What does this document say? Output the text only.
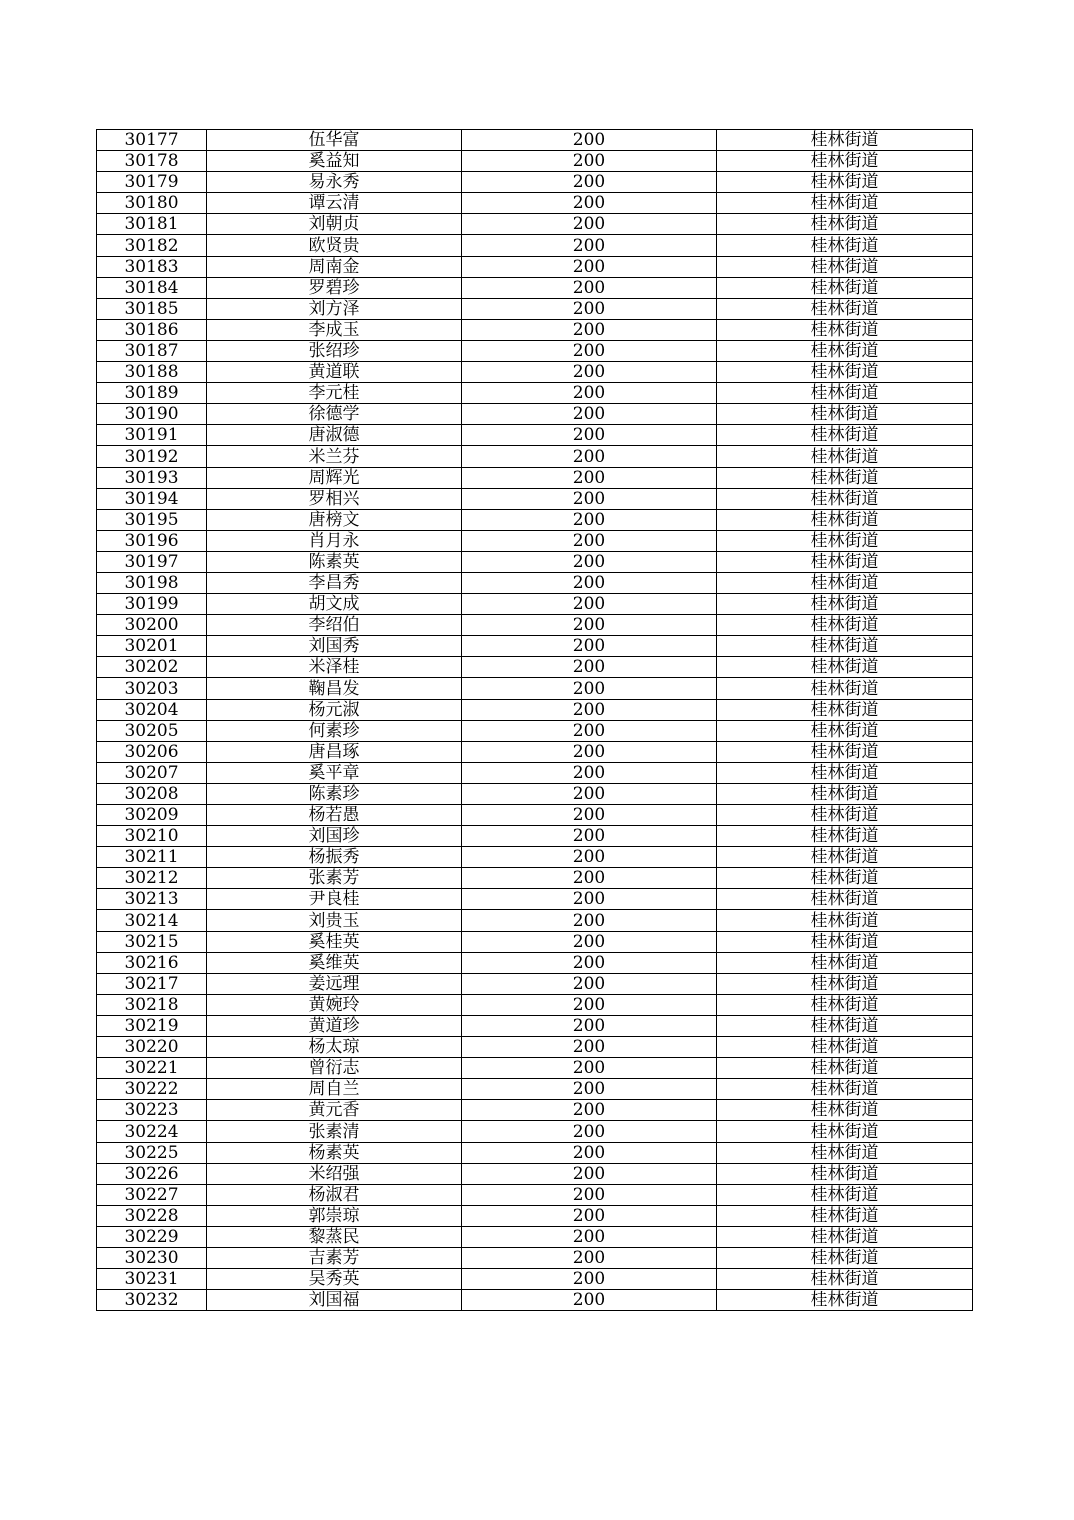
30177	伍华富	200	桂林街道
30178	奚益知	200	桂林街道
30179	易永秀	200	桂林街道
30180	谭云清	200	桂林街道
30181	刘朝贞	200	桂林街道
30182	欧贤贵	200	桂林街道
30183	周南金	200	桂林街道
30184	罗碧珍	200	桂林街道
30185	刘方泽	200	桂林街道
30186	李成玉	200	桂林街道
30187	张绍珍	200	桂林街道
30188	黄道联	200	桂林街道
30189	李元桂	200	桂林街道
30190	徐德学	200	桂林街道
30191	唐淑德	200	桂林街道
30192	米兰芬	200	桂林街道
30193	周辉光	200	桂林街道
30194	罗相兴	200	桂林街道
30195	唐榜文	200	桂林街道
30196	肖月永	200	桂林街道
30197	陈素英	200	桂林街道
30198	李昌秀	200	桂林街道
30199	胡文成	200	桂林街道
30200	李绍伯	200	桂林街道
30201	刘国秀	200	桂林街道
30202	米泽桂	200	桂林街道
30203	鞠昌发	200	桂林街道
30204	杨元淑	200	桂林街道
30205	何素珍	200	桂林街道
30206	唐昌琢	200	桂林街道
30207	奚平章	200	桂林街道
30208	陈素珍	200	桂林街道
30209	杨若愚	200	桂林街道
30210	刘国珍	200	桂林街道
30211	杨振秀	200	桂林街道
30212	张素芳	200	桂林街道
30213	尹良桂	200	桂林街道
30214	刘贵玉	200	桂林街道
30215	奚桂英	200	桂林街道
30216	奚维英	200	桂林街道
30217	姜远理	200	桂林街道
30218	黄婉玲	200	桂林街道
30219	黄道珍	200	桂林街道
30220	杨太琼	200	桂林街道
30221	曾衍志	200	桂林街道
30222	周自兰	200	桂林街道
30223	黄元香	200	桂林街道
30224	张素清	200	桂林街道
30225	杨素英	200	桂林街道
30226	米绍强	200	桂林街道
30227	杨淑君	200	桂林街道
30228	郭崇琼	200	桂林街道
30229	黎蒸民	200	桂林街道
30230	吉素芳	200	桂林街道
30231	吴秀英	200	桂林街道
30232	刘国福	200	桂林街道
